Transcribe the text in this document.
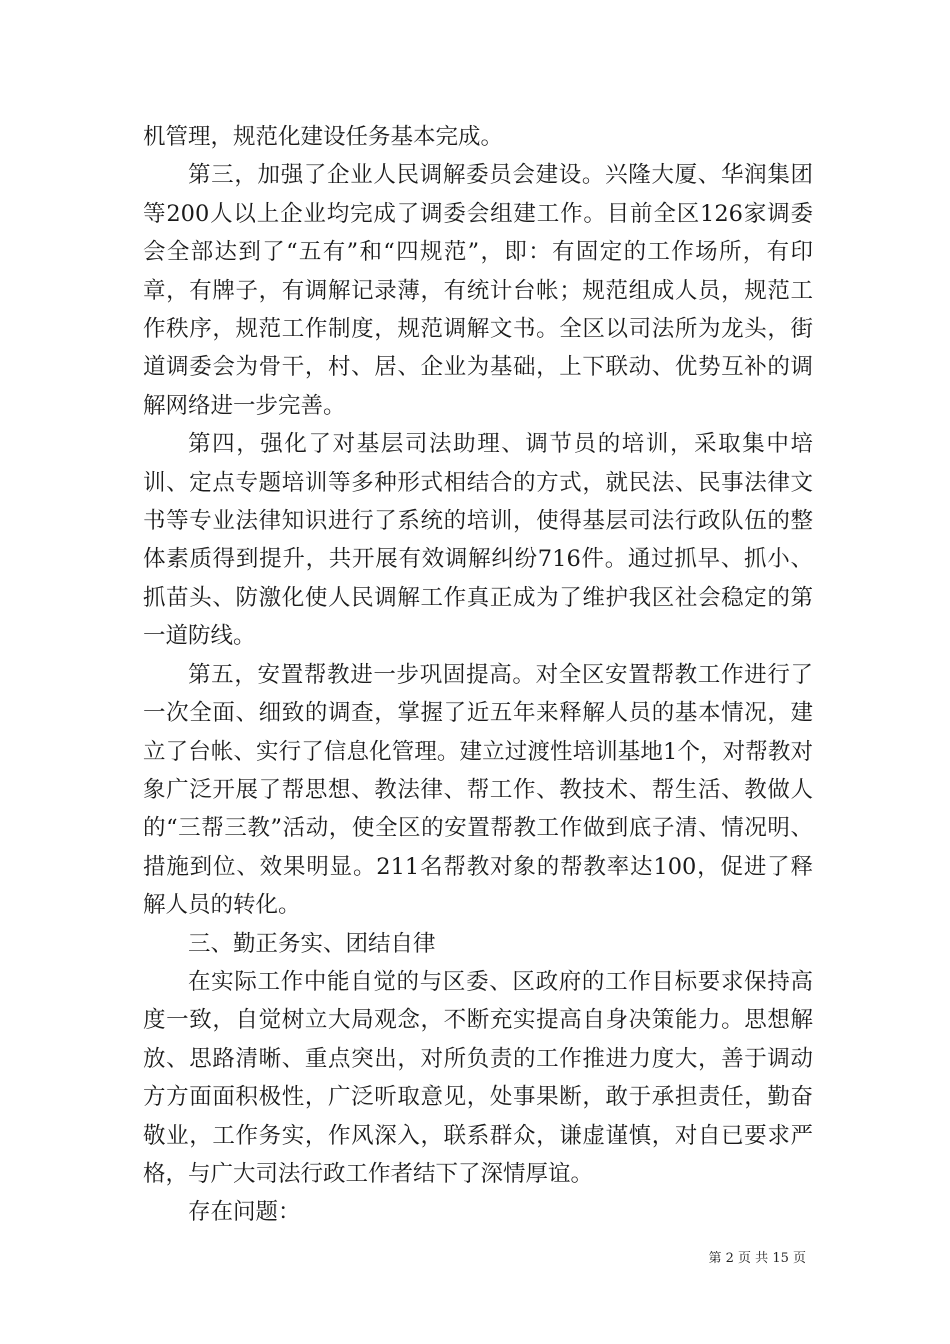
机管理，规范化建设任务基本完成。

第三，加强了企业人民调解委员会建设。兴隆大厦、华润集团等200人以上企业均完成了调委会组建工作。目前全区126家调委会全部达到了“五有”和“四规范”，即：有固定的工作场所，有印章，有牌子，有调解记录薄，有统计台帐；规范组成人员，规范工作秩序，规范工作制度，规范调解文书。全区以司法所为龙头，街道调委会为骨干，村、居、企业为基础，上下联动、优势互补的调解网络进一步完善。

第四，强化了对基层司法助理、调节员的培训，采取集中培训、定点专题培训等多种形式相结合的方式，就民法、民事法律文书等专业法律知识进行了系统的培训，使得基层司法行政队伍的整体素质得到提升，共开展有效调解纠纷716件。通过抓早、抓小、抓苗头、防激化使人民调解工作真正成为了维护我区社会稳定的第一道防线。

第五，安置帮教进一步巩固提高。对全区安置帮教工作进行了一次全面、细致的调查，掌握了近五年来释解人员的基本情况，建立了台帐、实行了信息化管理。建立过渡性培训基地1个，对帮教对象广泛开展了帮思想、教法律、帮工作、教技术、帮生活、教做人的“三帮三教”活动，使全区的安置帮教工作做到底子清、情况明、措施到位、效果明显。211名帮教对象的帮教率达100，促进了释解人员的转化。

三、勤正务实、团结自律

在实际工作中能自觉的与区委、区政府的工作目标要求保持高度一致，自觉树立大局观念，不断充实提高自身决策能力。思想解放、思路清晰、重点突出，对所负责的工作推进力度大，善于调动方方面面积极性，广泛听取意见，处事果断，敢于承担责任，勤奋敬业，工作务实，作风深入，联系群众，谦虚谨慎，对自已要求严格，与广大司法行政工作者结下了深情厚谊。

存在问题：

第 2 页 共 15 页
